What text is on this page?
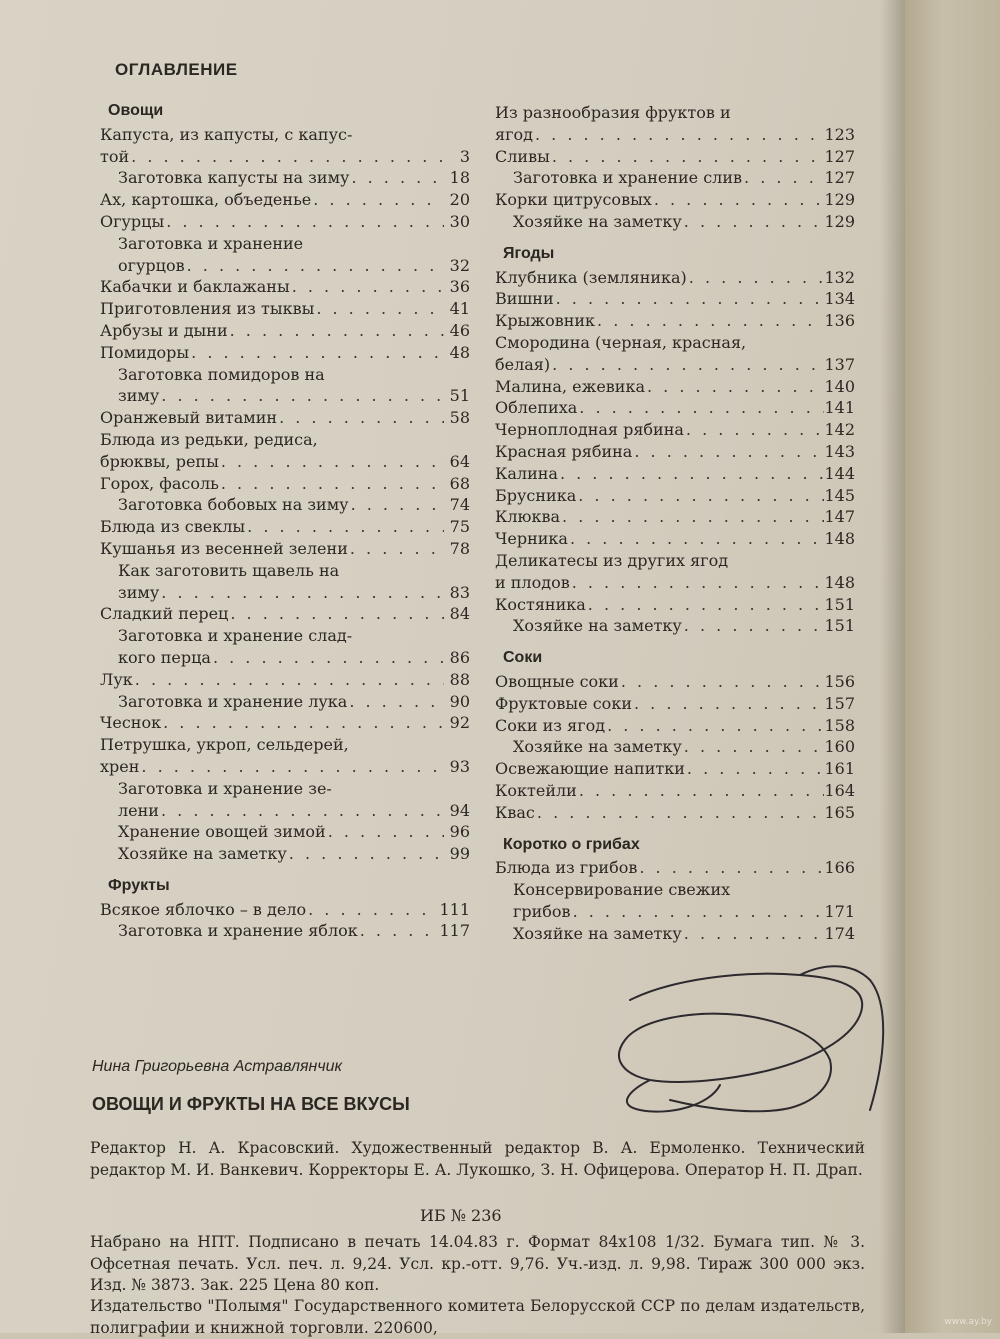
ОГЛАВЛЕНИЕ
Овощи
Капуста, из капусты, с капус-
той . . .	3
Заготовка капусты на зиму . . .	18
Ах, картошка, объеденье . . .	20
Огурцы . . .	30
Заготовка и хранение
огурцов . . .	32
Кабачки и баклажаны . . .	36
Приготовления из тыквы . . .	41
Арбузы и дыни . . .	46
Помидоры . . .	48
Заготовка помидоров на
зиму . . .	51
Оранжевый витамин . . .	58
Блюда из редьки, редиса,
брюквы, репы . . .	64
Горох, фасоль . . .	68
Заготовка бобовых на зиму . . .	74
Блюда из свеклы . . .	75
Кушанья из весенней зелени . . .	78
Как заготовить щавель на
зиму . . .	83
Сладкий перец . . .	84
Заготовка и хранение слад-
кого перца . . .	86
Лук . . .	88
Заготовка и хранение лука . . .	90
Чеснок . . .	92
Петрушка, укроп, сельдерей,
хрен . . .	93
Заготовка и хранение зе-
лени . . .	94
Хранение овощей зимой . . .	96
Хозяйке на заметку . . .	99
Фрукты
Всякое яблочко – в дело . . .	111
Заготовка и хранение яблок . . .	117
Из разнообразия фруктов и
ягод . . .	123
Сливы . . .	127
Заготовка и хранение слив . . .	127
Корки цитрусовых . . .	129
Хозяйке на заметку . . .	129
Ягоды
Клубника (земляника) . . .	132
Вишни . . .	134
Крыжовник . . .	136
Смородина (черная, красная,
белая) . . .	137
Малина, ежевика . . .	140
Облепиха . . .	141
Черноплодная рябина . . .	142
Красная рябина . . .	143
Калина . . .	144
Брусника . . .	145
Клюква . . .	147
Черника . . .	148
Деликатесы из других ягод
и плодов . . .	148
Костяника . . .	151
Хозяйке на заметку . . .	151
Соки
Овощные соки . . .	156
Фруктовые соки . . .	157
Соки из ягод . . .	158
Хозяйке на заметку . . .	160
Освежающие напитки . . .	161
Коктейли . . .	164
Квас . . .	165
Коротко о грибах
Блюда из грибов . . .	166
Консервирование свежих
грибов . . .	171
Хозяйке на заметку . . .	174
Нина Григорьевна Астравлянчик
ОВОЩИ И ФРУКТЫ НА ВСЕ ВКУСЫ
Редактор Н. А. Красовский. Художественный редактор В. А. Ермоленко. Технический редактор М. И. Ванкевич. Корректоры Е. А. Лукошко, З. Н. Офицерова. Оператор Н. П. Драп.
ИБ № 236
Набрано на НПТ. Подписано в печать 14.04.83 г. Формат 84x108 1/32. Бумага тип. № 3. Офсетная печать. Усл. печ. л. 9,24. Усл. кр.-отт. 9,76. Уч.-изд. л. 9,98. Тираж 300 000 экз. Изд. № 3873. Зак. 225 Цена 80 коп.
Издательство "Полымя" Государственного комитета Белорусской ССР по делам издательств, полиграфии и книжной торговли. 220600,	www.ay.by
